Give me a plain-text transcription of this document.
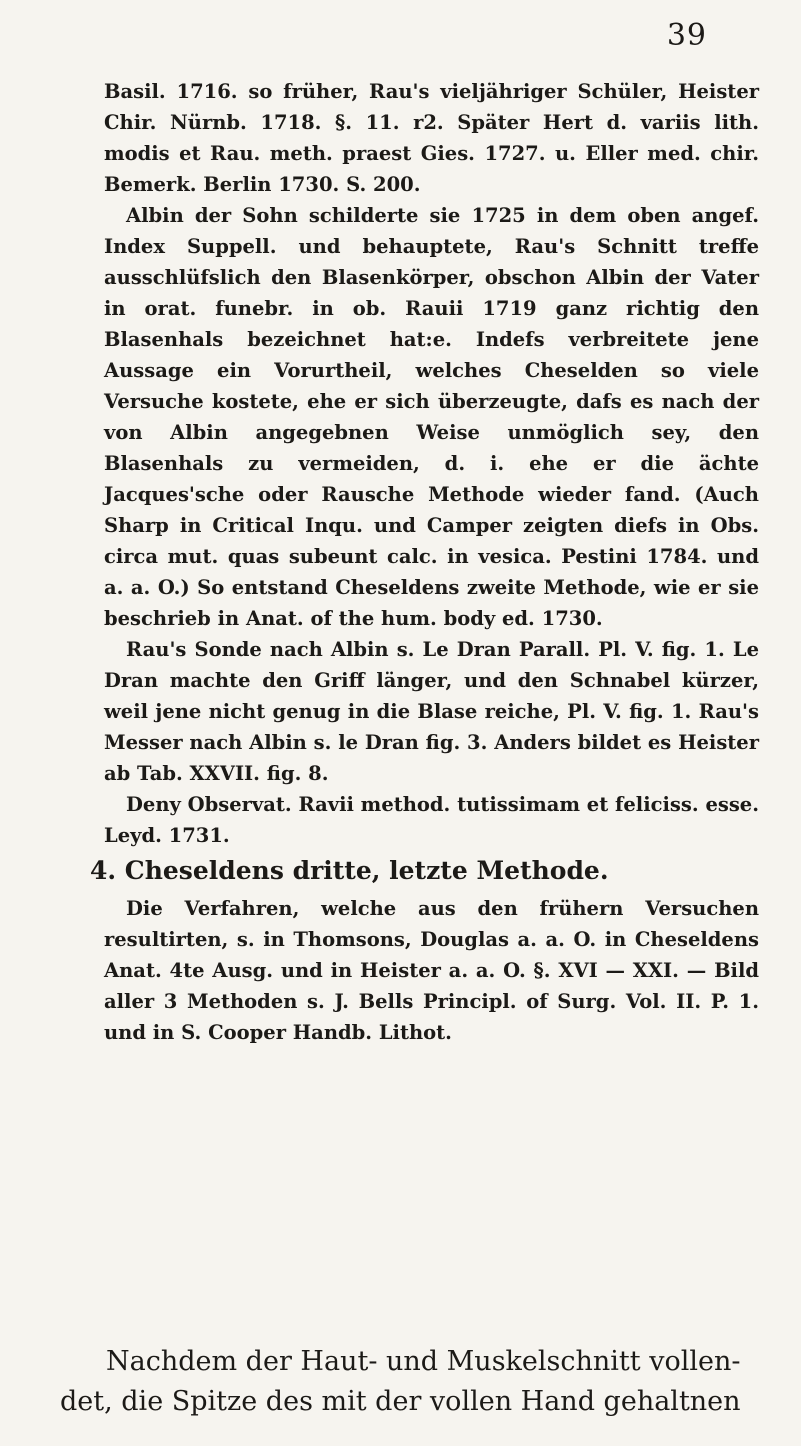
39

Basil. 1716. so früher, Rau's vieljähriger Schüler, Heister Chir. Nürnb. 1718. §. 11. r2. Später Hert d. variis lith. modis et Rau. meth. praest Gies. 1727. u. Eller med. chir. Bemerk. Berlin 1730. S. 200.

Albin der Sohn schilderte sie 1725 in dem oben angef. Index Suppell. und behauptete, Rau's Schnitt treffe ausschlüfslich den Blasenkörper, obschon Albin der Vater in orat. funebr. in ob. Rauii 1719 ganz richtig den Blasenhals bezeichnet hat:e. Indefs verbreitete jene Aussage ein Vorurtheil, welches Cheselden so viele Versuche kostete, ehe er sich überzeugte, dafs es nach der von Albin angegebnen Weise unmöglich sey, den Blasenhals zu vermeiden, d. i. ehe er die ächte Jacques'sche oder Rausche Methode wieder fand. (Auch Sharp in Critical Inqu. und Camper zeigten diefs in Obs. circa mut. quas subeunt calc. in vesica. Pestini 1784. und a. a. O.) So entstand Cheseldens zweite Methode, wie er sie beschrieb in Anat. of the hum. body ed. 1730.

Rau's Sonde nach Albin s. Le Dran Parall. Pl. V. fig. 1. Le Dran machte den Griff länger, und den Schnabel kürzer, weil jene nicht genug in die Blase reiche, Pl. V. fig. 1. Rau's Messer nach Albin s. le Dran fig. 3. Anders bildet es Heister ab Tab. XXVII. fig. 8.

Deny Observat. Ravii method. tutissimam et feliciss. esse. Leyd. 1731.

4. Cheseldens dritte, letzte Methode.

Die Verfahren, welche aus den frühern Versuchen resultirten, s. in Thomsons, Douglas a. a. O. in Cheseldens Anat. 4te Ausg. und in Heister a. a. O. §. XVI — XXI. — Bild aller 3 Methoden s. J. Bells Principl. of Surg. Vol. II. P. 1. und in S. Cooper Handb. Lithot.

Nachdem der Haut- und Muskelschnitt vollen-

det, die Spitze des mit der vollen Hand gehaltnen
